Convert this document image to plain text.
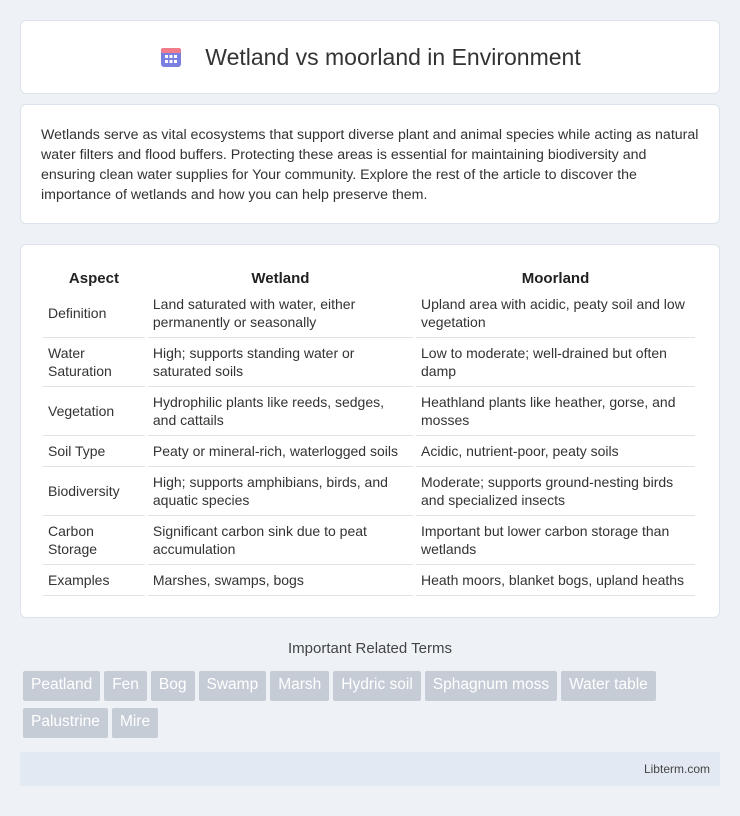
Wetland vs moorland in Environment

Wetlands serve as vital ecosystems that support diverse plant and animal species while acting as natural water filters and flood buffers. Protecting these areas is essential for maintaining biodiversity and ensuring clean water supplies for Your community. Explore the rest of the article to discover the importance of wetlands and how you can help preserve them.

Aspect	Wetland	Moorland
Definition	Land saturated with water, either permanently or seasonally	Upland area with acidic, peaty soil and low vegetation
Water Saturation	High; supports standing water or saturated soils	Low to moderate; well-drained but often damp
Vegetation	Hydrophilic plants like reeds, sedges, and cattails	Heathland plants like heather, gorse, and mosses
Soil Type	Peaty or mineral-rich, waterlogged soils	Acidic, nutrient-poor, peaty soils
Biodiversity	High; supports amphibians, birds, and aquatic species	Moderate; supports ground-nesting birds and specialized insects
Carbon Storage	Significant carbon sink due to peat accumulation	Important but lower carbon storage than wetlands
Examples	Marshes, swamps, bogs	Heath moors, blanket bogs, upland heaths
Important Related Terms
Peatland Fen Bog Swamp Marsh Hydric soil Sphagnum moss Water tablePalustrine Mire
Libterm.com
